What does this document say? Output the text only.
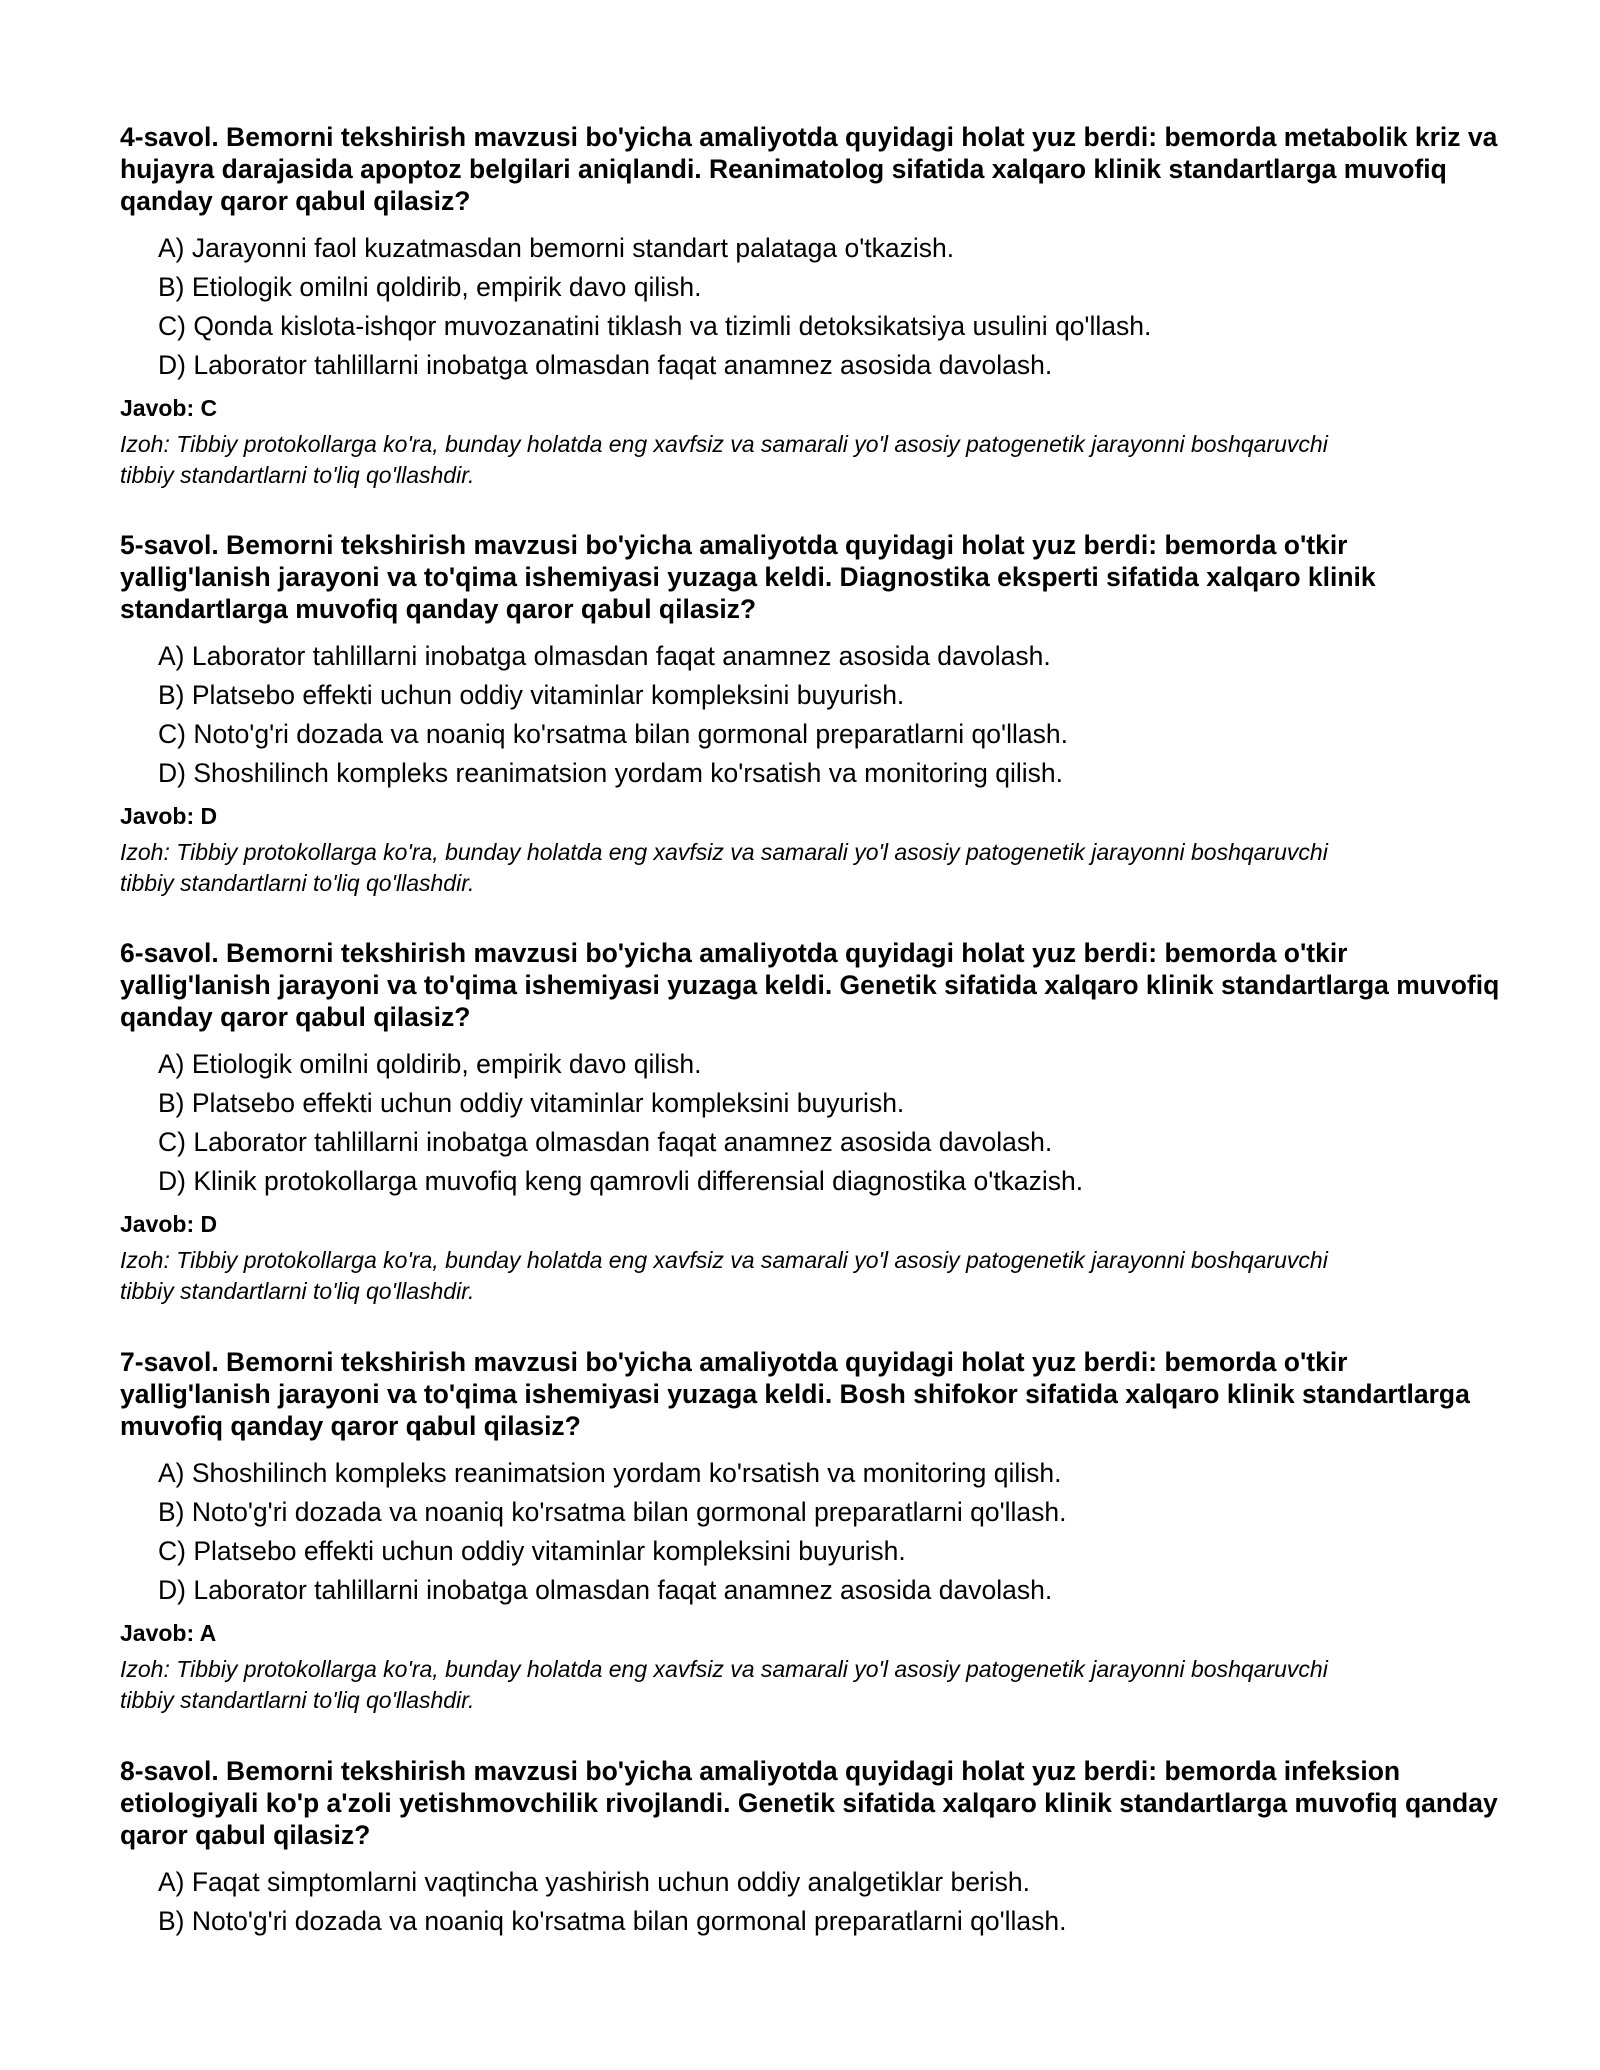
4-savol. Bemorni tekshirish mavzusi bo'yicha amaliyotda quyidagi holat yuz berdi: bemorda metabolik kriz va hujayra darajasida apoptoz belgilari aniqlandi. Reanimatolog sifatida xalqaro klinik standartlarga muvofiq qanday qaror qabul qilasiz?

A) Jarayonni faol kuzatmasdan bemorni standart palataga o'tkazish.
B) Etiologik omilni qoldirib, empirik davo qilish.
C) Qonda kislota-ishqor muvozanatini tiklash va tizimli detoksikatsiya usulini qo'llash.
D) Laborator tahlillarni inobatga olmasdan faqat anamnez asosida davolash.

Javob: C

Izoh: Tibbiy protokollarga ko'ra, bunday holatda eng xavfsiz va samarali yo'l asosiy patogenetik jarayonni boshqaruvchi tibbiy standartlarni to'liq qo'llashdir.

5-savol. Bemorni tekshirish mavzusi bo'yicha amaliyotda quyidagi holat yuz berdi: bemorda o'tkir yallig'lanish jarayoni va to'qima ishemiyasi yuzaga keldi. Diagnostika eksperti sifatida xalqaro klinik standartlarga muvofiq qanday qaror qabul qilasiz?

A) Laborator tahlillarni inobatga olmasdan faqat anamnez asosida davolash.
B) Platsebo effekti uchun oddiy vitaminlar kompleksini buyurish.
C) Noto'g'ri dozada va noaniq ko'rsatma bilan gormonal preparatlarni qo'llash.
D) Shoshilinch kompleks reanimatsion yordam ko'rsatish va monitoring qilish.

Javob: D

Izoh: Tibbiy protokollarga ko'ra, bunday holatda eng xavfsiz va samarali yo'l asosiy patogenetik jarayonni boshqaruvchi tibbiy standartlarni to'liq qo'llashdir.

6-savol. Bemorni tekshirish mavzusi bo'yicha amaliyotda quyidagi holat yuz berdi: bemorda o'tkir yallig'lanish jarayoni va to'qima ishemiyasi yuzaga keldi. Genetik sifatida xalqaro klinik standartlarga muvofiq qanday qaror qabul qilasiz?

A) Etiologik omilni qoldirib, empirik davo qilish.
B) Platsebo effekti uchun oddiy vitaminlar kompleksini buyurish.
C) Laborator tahlillarni inobatga olmasdan faqat anamnez asosida davolash.
D) Klinik protokollarga muvofiq keng qamrovli differensial diagnostika o'tkazish.

Javob: D

Izoh: Tibbiy protokollarga ko'ra, bunday holatda eng xavfsiz va samarali yo'l asosiy patogenetik jarayonni boshqaruvchi tibbiy standartlarni to'liq qo'llashdir.

7-savol. Bemorni tekshirish mavzusi bo'yicha amaliyotda quyidagi holat yuz berdi: bemorda o'tkir yallig'lanish jarayoni va to'qima ishemiyasi yuzaga keldi. Bosh shifokor sifatida xalqaro klinik standartlarga muvofiq qanday qaror qabul qilasiz?

A) Shoshilinch kompleks reanimatsion yordam ko'rsatish va monitoring qilish.
B) Noto'g'ri dozada va noaniq ko'rsatma bilan gormonal preparatlarni qo'llash.
C) Platsebo effekti uchun oddiy vitaminlar kompleksini buyurish.
D) Laborator tahlillarni inobatga olmasdan faqat anamnez asosida davolash.

Javob: A

Izoh: Tibbiy protokollarga ko'ra, bunday holatda eng xavfsiz va samarali yo'l asosiy patogenetik jarayonni boshqaruvchi tibbiy standartlarni to'liq qo'llashdir.

8-savol. Bemorni tekshirish mavzusi bo'yicha amaliyotda quyidagi holat yuz berdi: bemorda infeksion etiologiyali ko'p a'zoli yetishmovchilik rivojlandi. Genetik sifatida xalqaro klinik standartlarga muvofiq qanday qaror qabul qilasiz?

A) Faqat simptomlarni vaqtincha yashirish uchun oddiy analgetiklar berish.
B) Noto'g'ri dozada va noaniq ko'rsatma bilan gormonal preparatlarni qo'llash.
